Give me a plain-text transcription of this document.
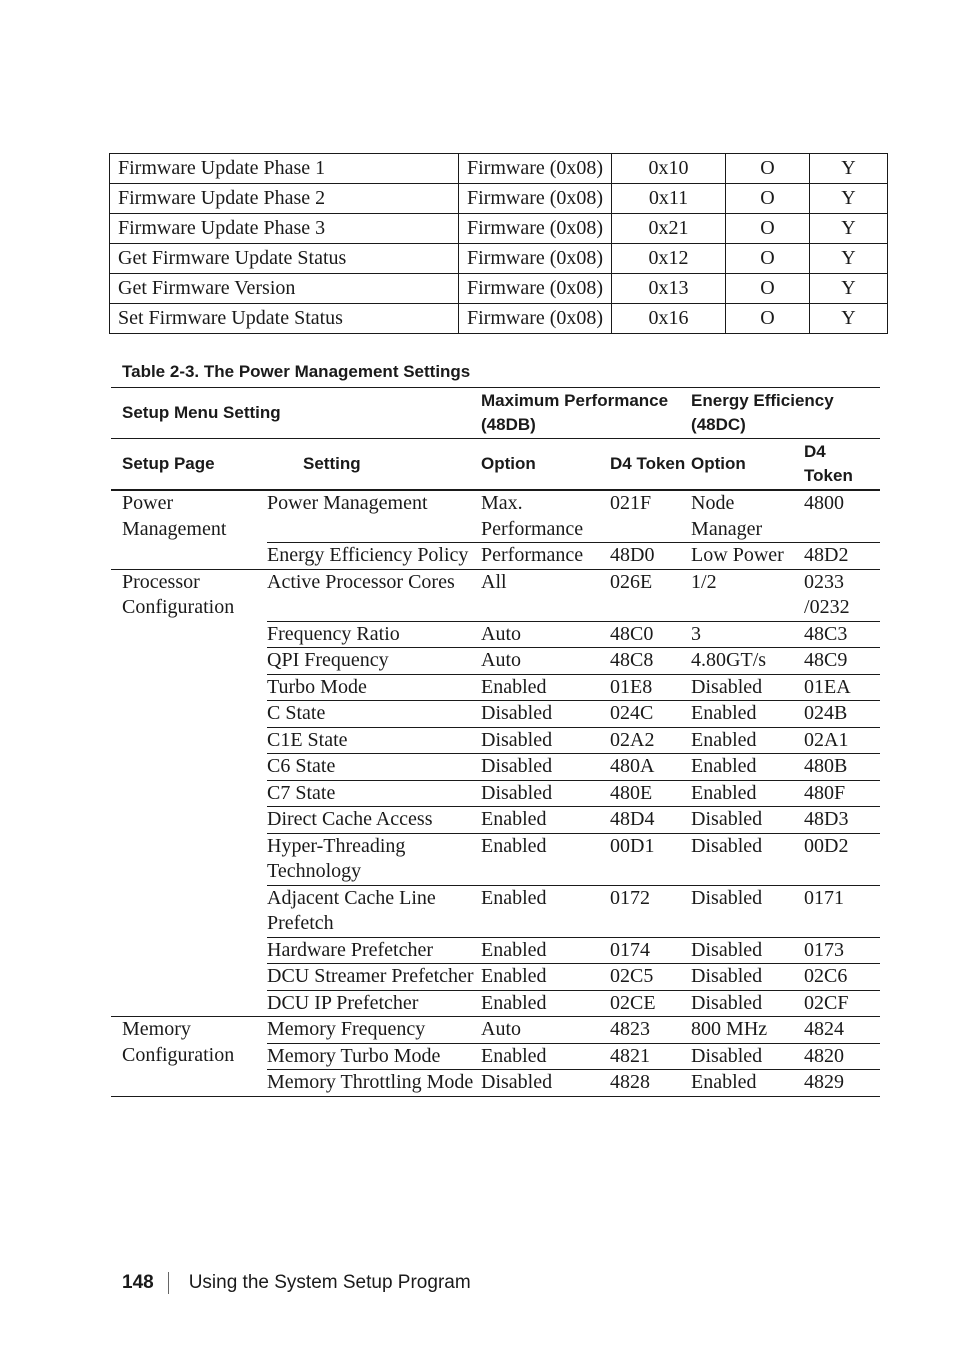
Firmware Update Phase 1	Firmware (0x08)	0x10	O	Y
Firmware Update Phase 2	Firmware (0x08)	0x11	O	Y
Firmware Update Phase 3	Firmware (0x08)	0x21	O	Y
Get Firmware Update Status	Firmware (0x08)	0x12	O	Y
Get Firmware Version	Firmware (0x08)	0x13	O	Y
Set Firmware Update Status	Firmware (0x08)	0x16	O	Y
Table 2-3. The Power Management Settings
Setup Menu Setting		Maximum Performance (48DB)		Energy Efficiency (48DC)	
Setup Page	Setting	Option	D4 Token	Option	D4 Token
Power Management	Power Management	Max. Performance	021F	Node Manager	4800
	Energy Efficiency Policy	Performance	48D0	Low Power	48D2
Processor Configuration	Active Processor Cores	All	026E	1/2	0233 /0232
	Frequency Ratio	Auto	48C0	3	48C3
	QPI Frequency	Auto	48C8	4.80GT/s	48C9
	Turbo Mode	Enabled	01E8	Disabled	01EA
	C State	Disabled	024C	Enabled	024B
	C1E State	Disabled	02A2	Enabled	02A1
	C6 State	Disabled	480A	Enabled	480B
	C7 State	Disabled	480E	Enabled	480F
	Direct Cache Access	Enabled	48D4	Disabled	48D3
	Hyper-Threading Technology	Enabled	00D1	Disabled	00D2
	Adjacent Cache Line Prefetch	Enabled	0172	Disabled	0171
	Hardware Prefetcher	Enabled	0174	Disabled	0173
	DCU Streamer Prefetcher	Enabled	02C5	Disabled	02C6
	DCU IP Prefetcher	Enabled	02CE	Disabled	02CF
Memory Configuration	Memory Frequency	Auto	4823	800 MHz	4824
	Memory Turbo Mode	Enabled	4821	Disabled	4820
	Memory Throttling Mode	Disabled	4828	Enabled	4829
148 Using the System Setup Program
